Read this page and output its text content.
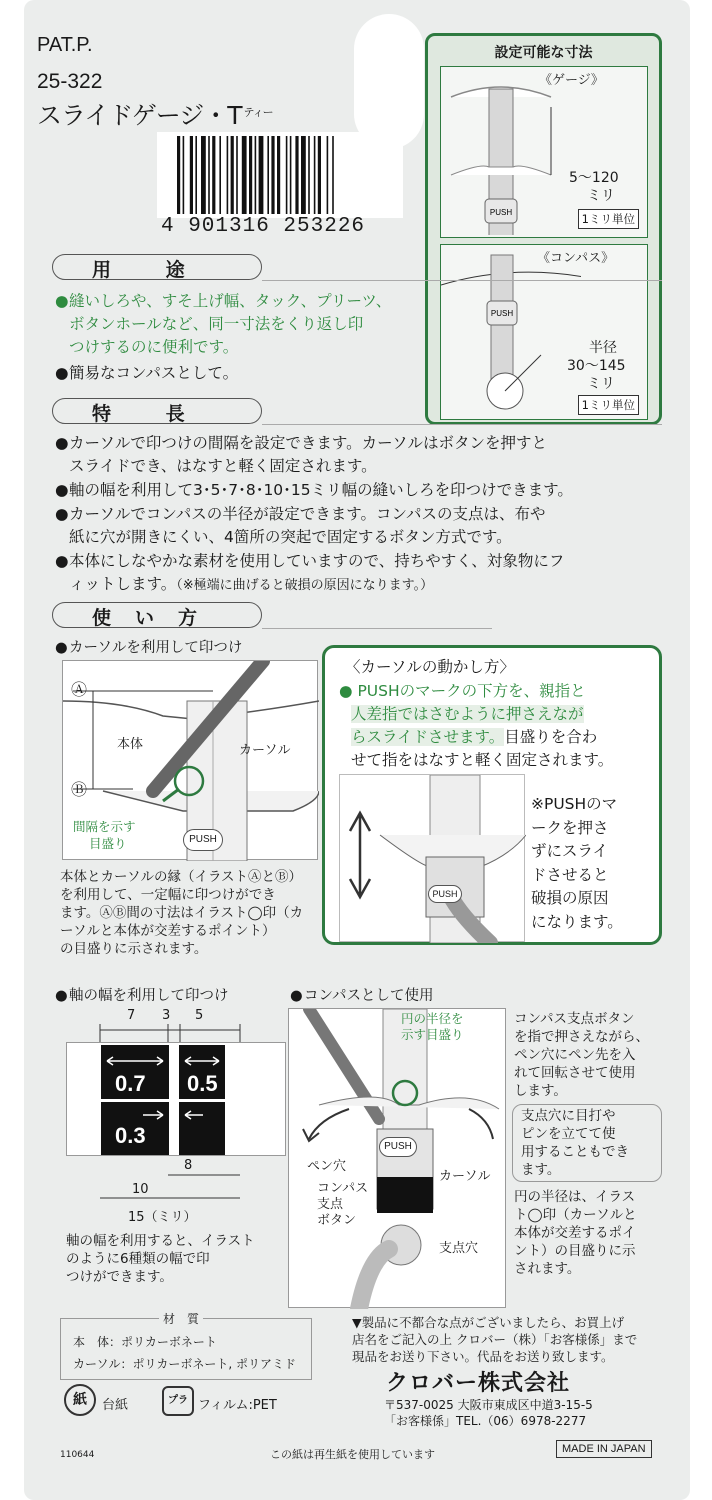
PAT.P.
25-322
スライドゲージ・T $^{ティー}$
4 901316 253226
設定可能な寸法
《ゲージ》
PUSH
5〜120
ミリ
1ミリ単位
《コンパス》
PUSH
半径
30〜145
ミリ
1ミリ単位
用 途
●縫いしろや、すそ上げ幅、タック、プリーツ、
ボタンホールなど、同一寸法をくり返し印
つけするのに便利です。
●簡易なコンパスとして。
特 長
●カーソルで印つけの間隔を設定できます。カーソルはボタンを押すと
スライドでき、はなすと軽く固定されます。
●軸の幅を利用して3･5･7･8･10･15ミリ幅の縫いしろを印つけできます。
●カーソルでコンパスの半径が設定できます。コンパスの支点は、布や
紙に穴が開きにくい、4箇所の突起で固定するボタン方式です。
●本体にしなやかな素材を使用していますので、持ちやすく、対象物にフ
ィットします。（※極端に曲げると破損の原因になります。）
使い方
●カーソルを利用して印つけ
Ⓐ
Ⓑ
本体	カーソル
間隔を示す
目盛り	PUSH
本体とカーソルの縁（イラストⒶとⒷ）
を利用して、一定幅に印つけができ
ます。ⒶⒷ間の寸法はイラスト◯印（カ
ーソルと本体が交差するポイント）
の目盛りに示されます。
〈カーソルの動かし方〉
● PUSHのマークの下方を、親指と
人差指ではさむように押さえなが
らスライドさせます。目盛りを合わ
せて指をはなすと軽く固定されます。
PUSH
※PUSHのマ
ークを押さ
ずにスライ
ドさせると
破損の原因
になります。
●軸の幅を利用して印つけ
0.7 0.5
0.3
7 3 5
8
10
15（ミリ）
軸の幅を利用すると、イラスト
のように6種類の幅で印
つけができます。
●コンパスとして使用
円の半径を
示す目盛り
ペン穴
カーソル
コンパス
支点
ボタン
支点穴
PUSH
コンパス支点ボタン
を指で押さえながら、
ペン穴にペン先を入
れて回転させて使用
します。
支点穴に目打や
ピンを立てて使
用することもでき
ます。
円の半径は、イラス
ト◯印（カーソルと
本体が交差するポイ
ント）の目盛りに示
されます。
材　質
本　体：ポリカーボネート
カーソル：ポリカーボネート, ポリアミド
▼製品に不都合な点がございましたら、お買上げ
店名をご記入の上 クロバー（株）「お客様係」まで
現品をお送り下さい。代品をお送り致します。
クロバー株式会社
〒537-0025 大阪市東成区中道3-15-5
「お客様係」TEL.（06）6978-2277
紙	台紙	プラ フィルム:PET
110644	この紙は再生紙を使用しています	MADE IN JAPAN
